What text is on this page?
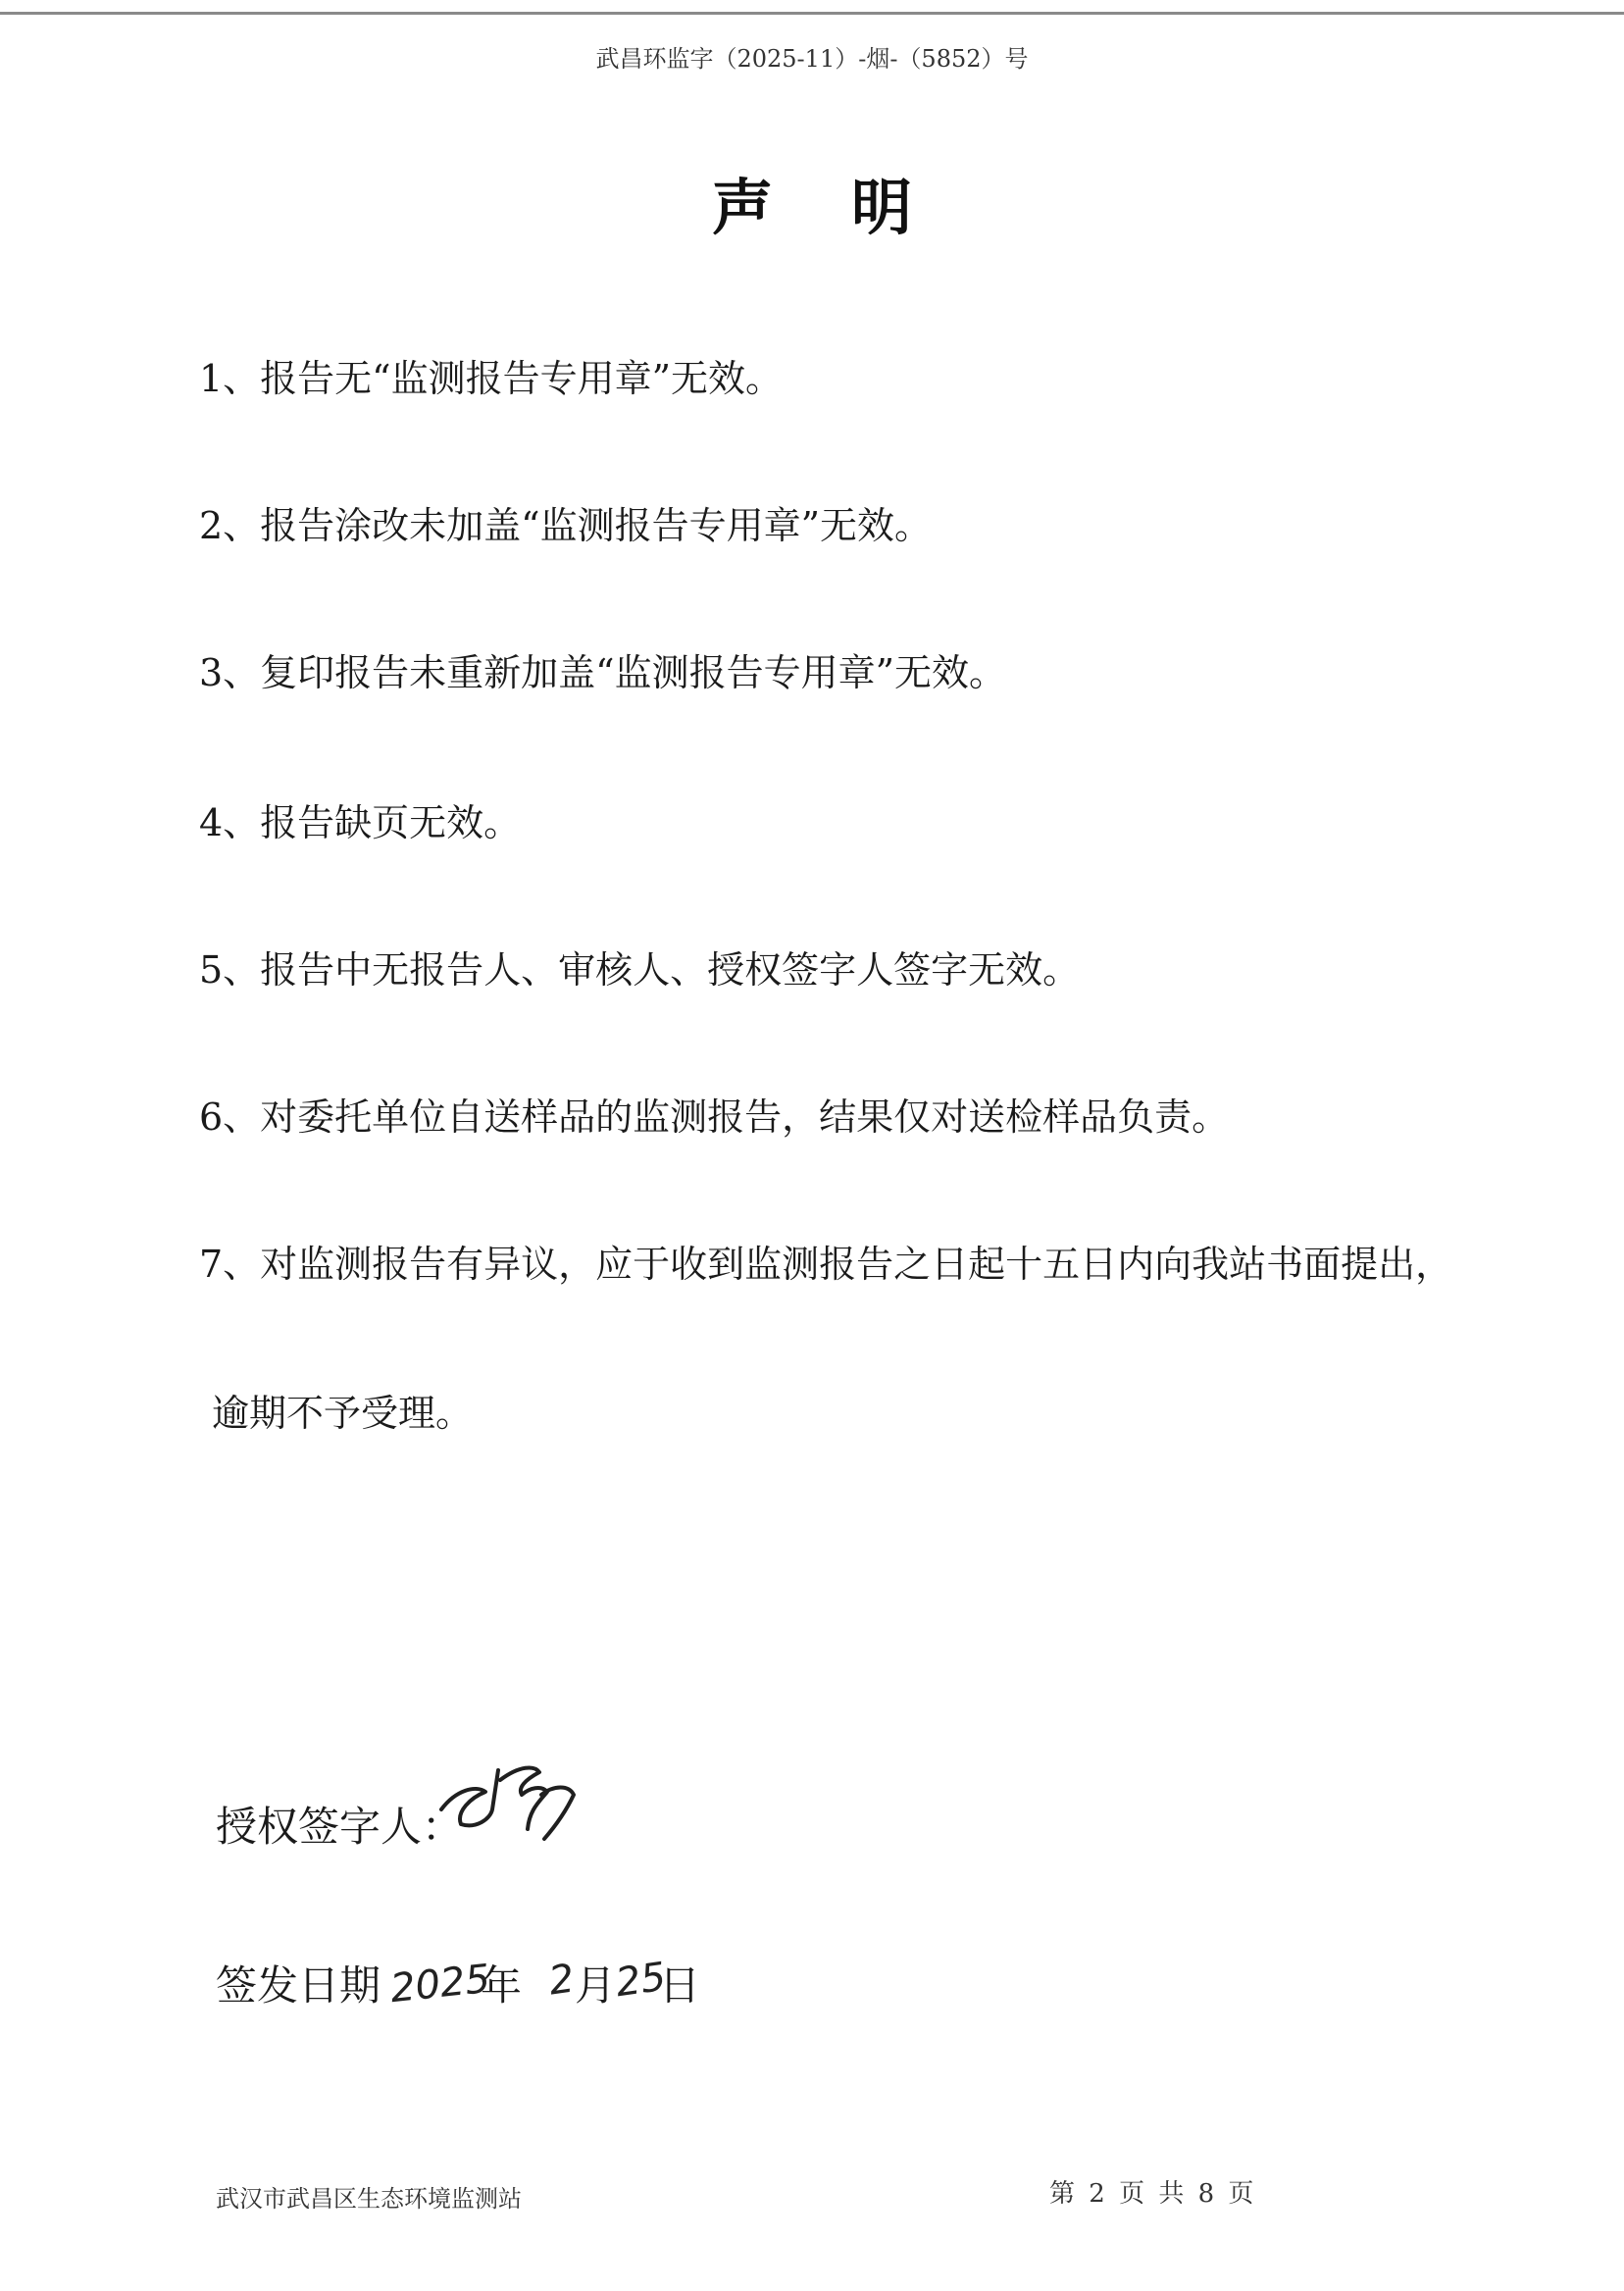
武昌环监字（2025-11）-烟-（5852）号
声明
1、报告无“监测报告专用章”无效。
2、报告涂改未加盖“监测报告专用章”无效。
3、复印报告未重新加盖“监测报告专用章”无效。
4、报告缺页无效。
5、报告中无报告人、审核人、授权签字人签字无效。
6、对委托单位自送样品的监测报告，结果仅对送检样品负责。
7、对监测报告有异议，应于收到监测报告之日起十五日内向我站书面提出，
逾期不予受理。
授权签字人：
签发日期 2025
年 2
月
25
日
武汉市武昌区生态环境监测站	第 2 页 共 8 页
